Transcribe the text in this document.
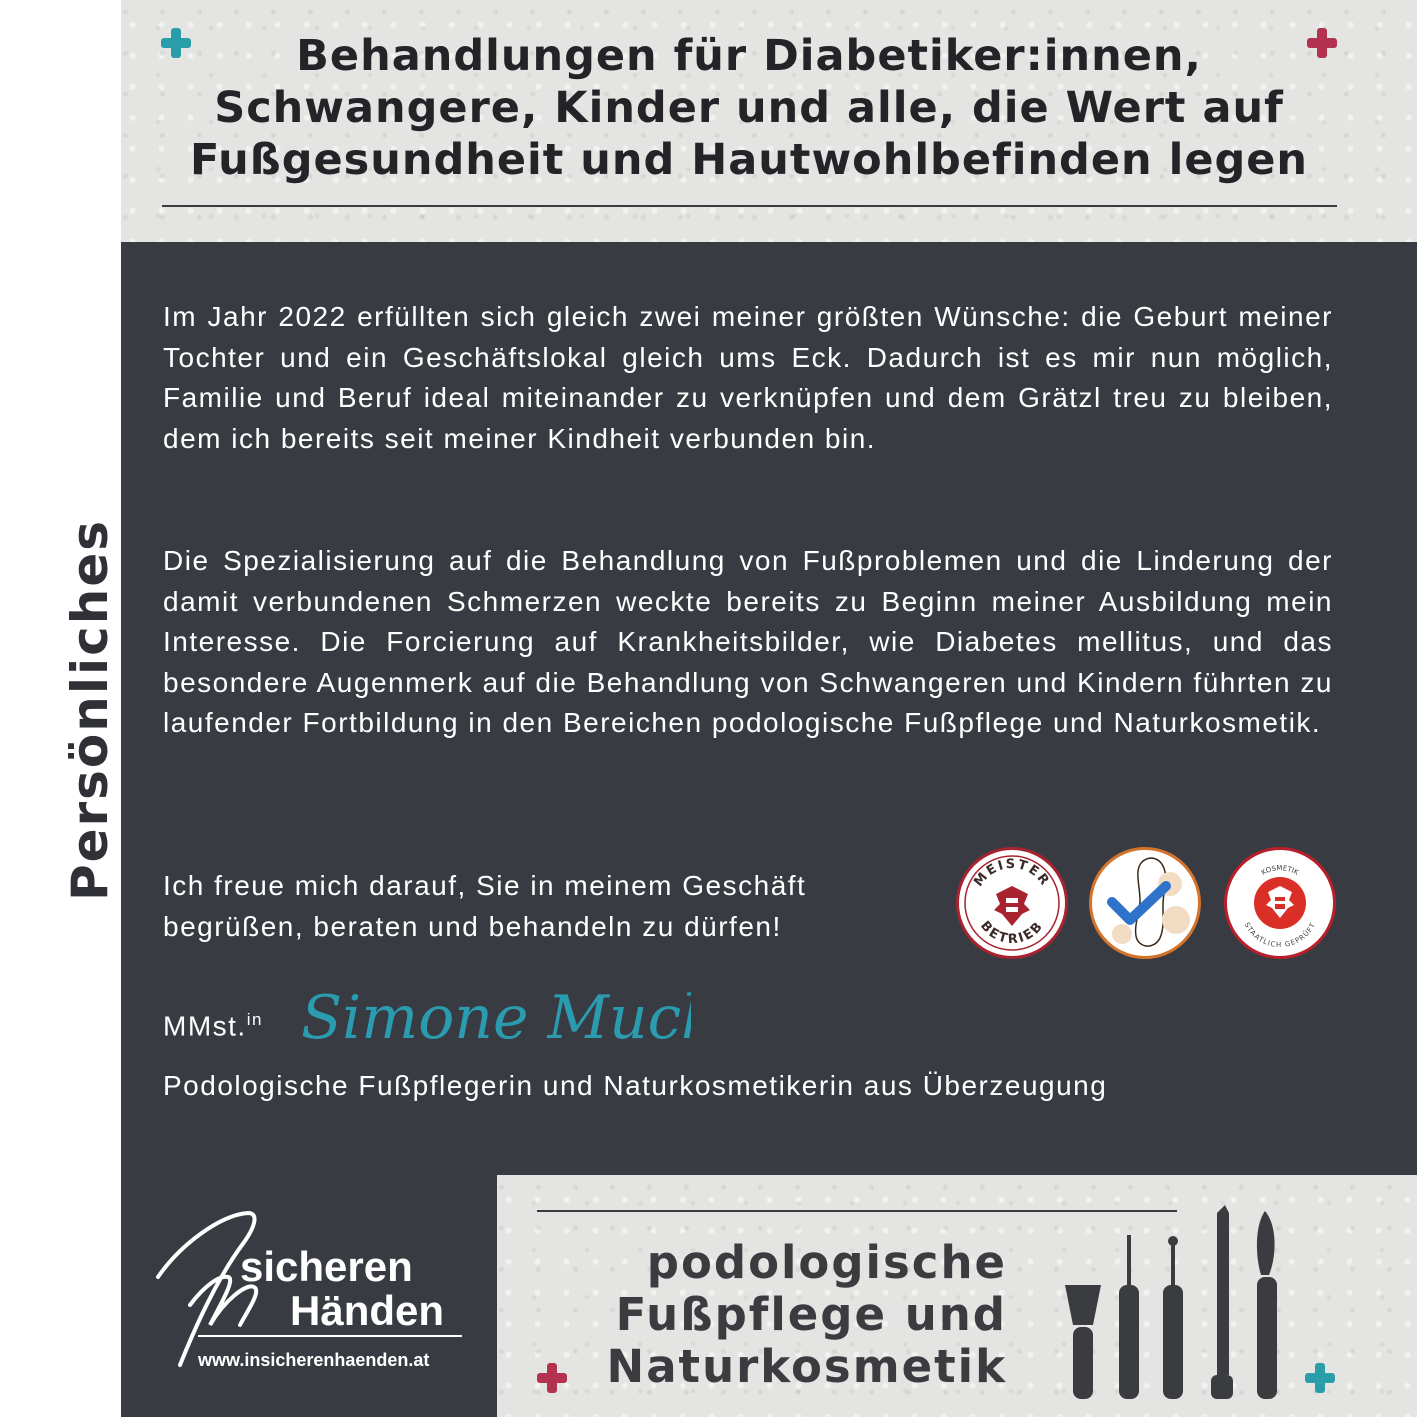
Persönliches
Behandlungen für Diabetiker:innen, Schwangere, Kinder und alle, die Wert auf Fußgesundheit und Hautwohlbefinden legen

Im Jahr 2022 erfüllten sich gleich zwei meiner größten Wünsche: die Geburt meiner Tochter und ein Geschäftslokal gleich ums Eck. Dadurch ist es mir nun möglich, Familie und Beruf ideal miteinander zu verknüpfen und dem Grätzl treu zu bleiben, dem ich bereits seit meiner Kindheit verbunden bin.

Die Spezialisierung auf die Behandlung von Fußproblemen und die Linderung der damit verbundenen Schmerzen weckte bereits zu Beginn meiner Ausbildung mein Interesse. Die Forcierung auf Krankheitsbilder, wie Diabetes mellitus, und das besondere Augenmerk auf die Behandlung von Schwangeren und Kindern führten zu laufender Fortbildung in den Bereichen podologische Fußpflege und Naturkosmetik.

Ich freue mich darauf, Sie in meinem Geschäft begrüßen, beraten und behandeln zu dürfen!

MEISTER
BETRIEB
KOSMETIK
STAATLICH GEPRÜFT
MMst.$^{in}$ Simone Muck

Podologische Fußpflegerin und Naturkosmetikerin aus Überzeugung

sicheren
Händen
www.insicherenhaenden.at
podologische Fußpflege und Naturkosmetik
